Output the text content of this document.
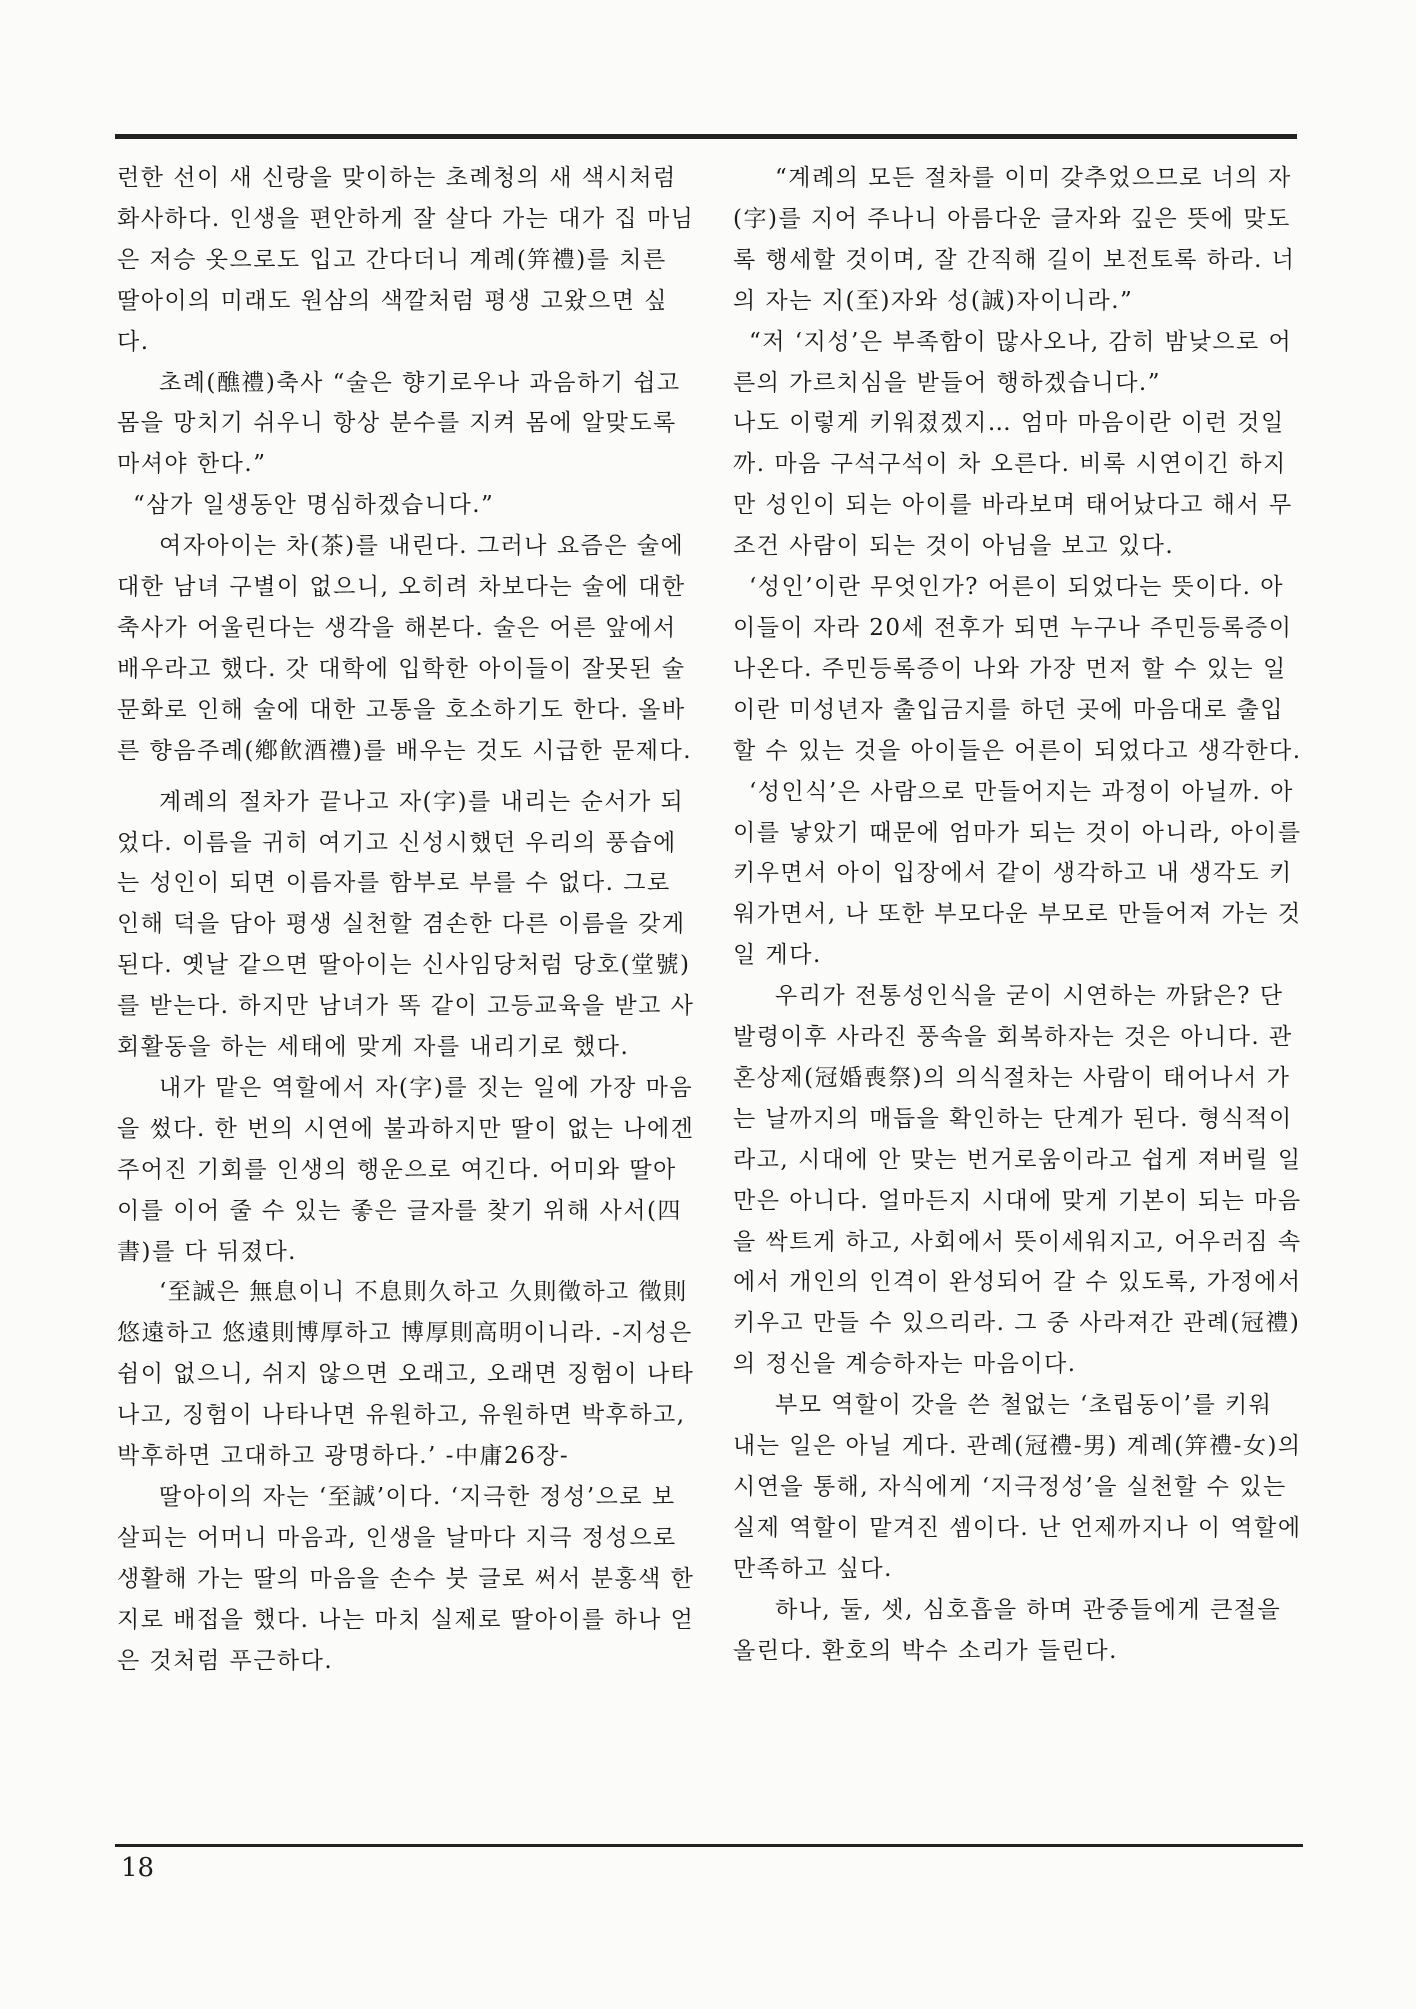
런한 선이 새 신랑을 맞이하는 초례청의 새 색시처럼 화사하다. 인생을 편안하게 잘 살다 가는 대가 집 마님은 저승 옷으로도 입고 간다더니 계례(笄禮)를 치른 딸아이의 미래도 원삼의 색깔처럼 평생 고왔으면 싶다.

초례(醮禮)축사 “술은 향기로우나 과음하기 쉽고 몸을 망치기 쉬우니 항상 분수를 지켜 몸에 알맞도록 마셔야 한다.”

“삼가 일생동안 명심하겠습니다.”

여자아이는 차(茶)를 내린다. 그러나 요즘은 술에 대한 남녀 구별이 없으니, 오히려 차보다는 술에 대한 축사가 어울린다는 생각을 해본다. 술은 어른 앞에서 배우라고 했다. 갓 대학에 입학한 아이들이 잘못된 술 문화로 인해 술에 대한 고통을 호소하기도 한다. 올바른 향음주례(鄕飮酒禮)를 배우는 것도 시급한 문제다.

계례의 절차가 끝나고 자(字)를 내리는 순서가 되었다. 이름을 귀히 여기고 신성시했던 우리의 풍습에는 성인이 되면 이름자를 함부로 부를 수 없다. 그로 인해 덕을 담아 평생 실천할 겸손한 다른 이름을 갖게 된다. 옛날 같으면 딸아이는 신사임당처럼 당호(堂號)를 받는다. 하지만 남녀가 똑 같이 고등교육을 받고 사회활동을 하는 세태에 맞게 자를 내리기로 했다.

내가 맡은 역할에서 자(字)를 짓는 일에 가장 마음을 썼다. 한 번의 시연에 불과하지만 딸이 없는 나에겐 주어진 기회를 인생의 행운으로 여긴다. 어미와 딸아이를 이어 줄 수 있는 좋은 글자를 찾기 위해 사서(四書)를 다 뒤졌다.

‘至誠은 無息이니 不息則久하고 久則徵하고 徵則悠遠하고 悠遠則博厚하고 博厚則高明이니라. -지성은 쉼이 없으니, 쉬지 않으면 오래고, 오래면 징험이 나타나고, 징험이 나타나면 유원하고, 유원하면 박후하고, 박후하면 고대하고 광명하다.’ -中庸26장-

딸아이의 자는 ‘至誠’이다. ‘지극한 정성’으로 보살피는 어머니 마음과, 인생을 날마다 지극 정성으로 생활해 가는 딸의 마음을 손수 붓 글로 써서 분홍색 한지로 배접을 했다. 나는 마치 실제로 딸아이를 하나 얻은 것처럼 푸근하다.

“계례의 모든 절차를 이미 갖추었으므로 너의 자(字)를 지어 주나니 아름다운 글자와 깊은 뜻에 맞도록 행세할 것이며, 잘 간직해 길이 보전토록 하라. 너의 자는 지(至)자와 성(誠)자이니라.”

“저 ‘지성’은 부족함이 많사오나, 감히 밤낮으로 어른의 가르치심을 받들어 행하겠습니다.”

나도 이렇게 키워졌겠지… 엄마 마음이란 이런 것일까. 마음 구석구석이 차 오른다. 비록 시연이긴 하지만 성인이 되는 아이를 바라보며 태어났다고 해서 무조건 사람이 되는 것이 아님을 보고 있다.

‘성인’이란 무엇인가? 어른이 되었다는 뜻이다. 아이들이 자라 20세 전후가 되면 누구나 주민등록증이 나온다. 주민등록증이 나와 가장 먼저 할 수 있는 일이란 미성년자 출입금지를 하던 곳에 마음대로 출입할 수 있는 것을 아이들은 어른이 되었다고 생각한다.

‘성인식’은 사람으로 만들어지는 과정이 아닐까. 아이를 낳았기 때문에 엄마가 되는 것이 아니라, 아이를 키우면서 아이 입장에서 같이 생각하고 내 생각도 키워가면서, 나 또한 부모다운 부모로 만들어져 가는 것일 게다.

우리가 전통성인식을 굳이 시연하는 까닭은? 단발령이후 사라진 풍속을 회복하자는 것은 아니다. 관혼상제(冠婚喪祭)의 의식절차는 사람이 태어나서 가는 날까지의 매듭을 확인하는 단계가 된다. 형식적이라고, 시대에 안 맞는 번거로움이라고 쉽게 져버릴 일만은 아니다. 얼마든지 시대에 맞게 기본이 되는 마음을 싹트게 하고, 사회에서 뜻이세워지고, 어우러짐 속에서 개인의 인격이 완성되어 갈 수 있도록, 가정에서 키우고 만들 수 있으리라. 그 중 사라져간 관례(冠禮)의 정신을 계승하자는 마음이다.

부모 역할이 갓을 쓴 철없는 ‘초립동이’를 키워 내는 일은 아닐 게다. 관례(冠禮-男) 계례(笄禮-女)의 시연을 통해, 자식에게 ‘지극정성’을 실천할 수 있는 실제 역할이 맡겨진 셈이다. 난 언제까지나 이 역할에 만족하고 싶다.

하나, 둘, 셋, 심호흡을 하며 관중들에게 큰절을 올린다. 환호의 박수 소리가 들린다.

18
